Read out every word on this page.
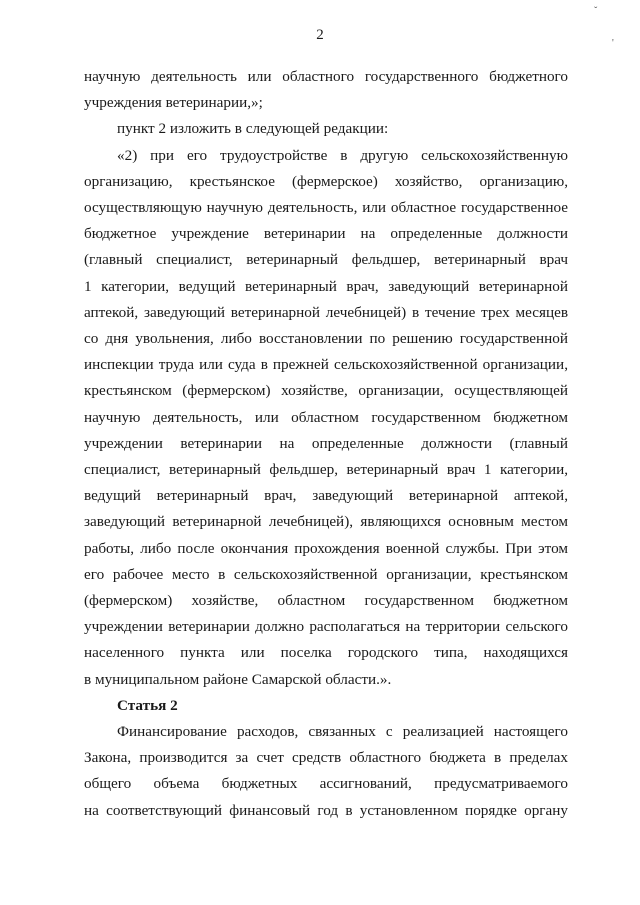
2
ˇ
'

научную деятельность или областного государственного бюджетного

учреждения ветеринарии,»;

пункт 2 изложить в следующей редакции:

«2) при его трудоустройстве в другую сельскохозяйственную

организацию, крестьянское (фермерское) хозяйство, организацию,

осуществляющую научную деятельность, или областное государственное

бюджетное учреждение ветеринарии на определенные должности

(главный специалист, ветеринарный фельдшер, ветеринарный врач

1 категории, ведущий ветеринарный врач, заведующий ветеринарной

аптекой, заведующий ветеринарной лечебницей) в течение трех месяцев

со дня увольнения, либо восстановлении по решению государственной

инспекции труда или суда в прежней сельскохозяйственной организации,

крестьянском (фермерском) хозяйстве, организации, осуществляющей

научную деятельность, или областном государственном бюджетном

учреждении ветеринарии на определенные должности (главный

специалист, ветеринарный фельдшер, ветеринарный врач 1 категории,

ведущий ветеринарный врач, заведующий ветеринарной аптекой,

заведующий ветеринарной лечебницей), являющихся основным местом

работы, либо после окончания прохождения военной службы. При этом

его рабочее место в сельскохозяйственной организации, крестьянском

(фермерском) хозяйстве, областном государственном бюджетном

учреждении ветеринарии должно располагаться на территории сельского

населенного пункта или поселка городского типа, находящихся

в муниципальном районе Самарской области.».

Статья 2

Финансирование расходов, связанных с реализацией настоящего

Закона, производится за счет средств областного бюджета в пределах

общего объема бюджетных ассигнований, предусматриваемого

на соответствующий финансовый год в установленном порядке органу
